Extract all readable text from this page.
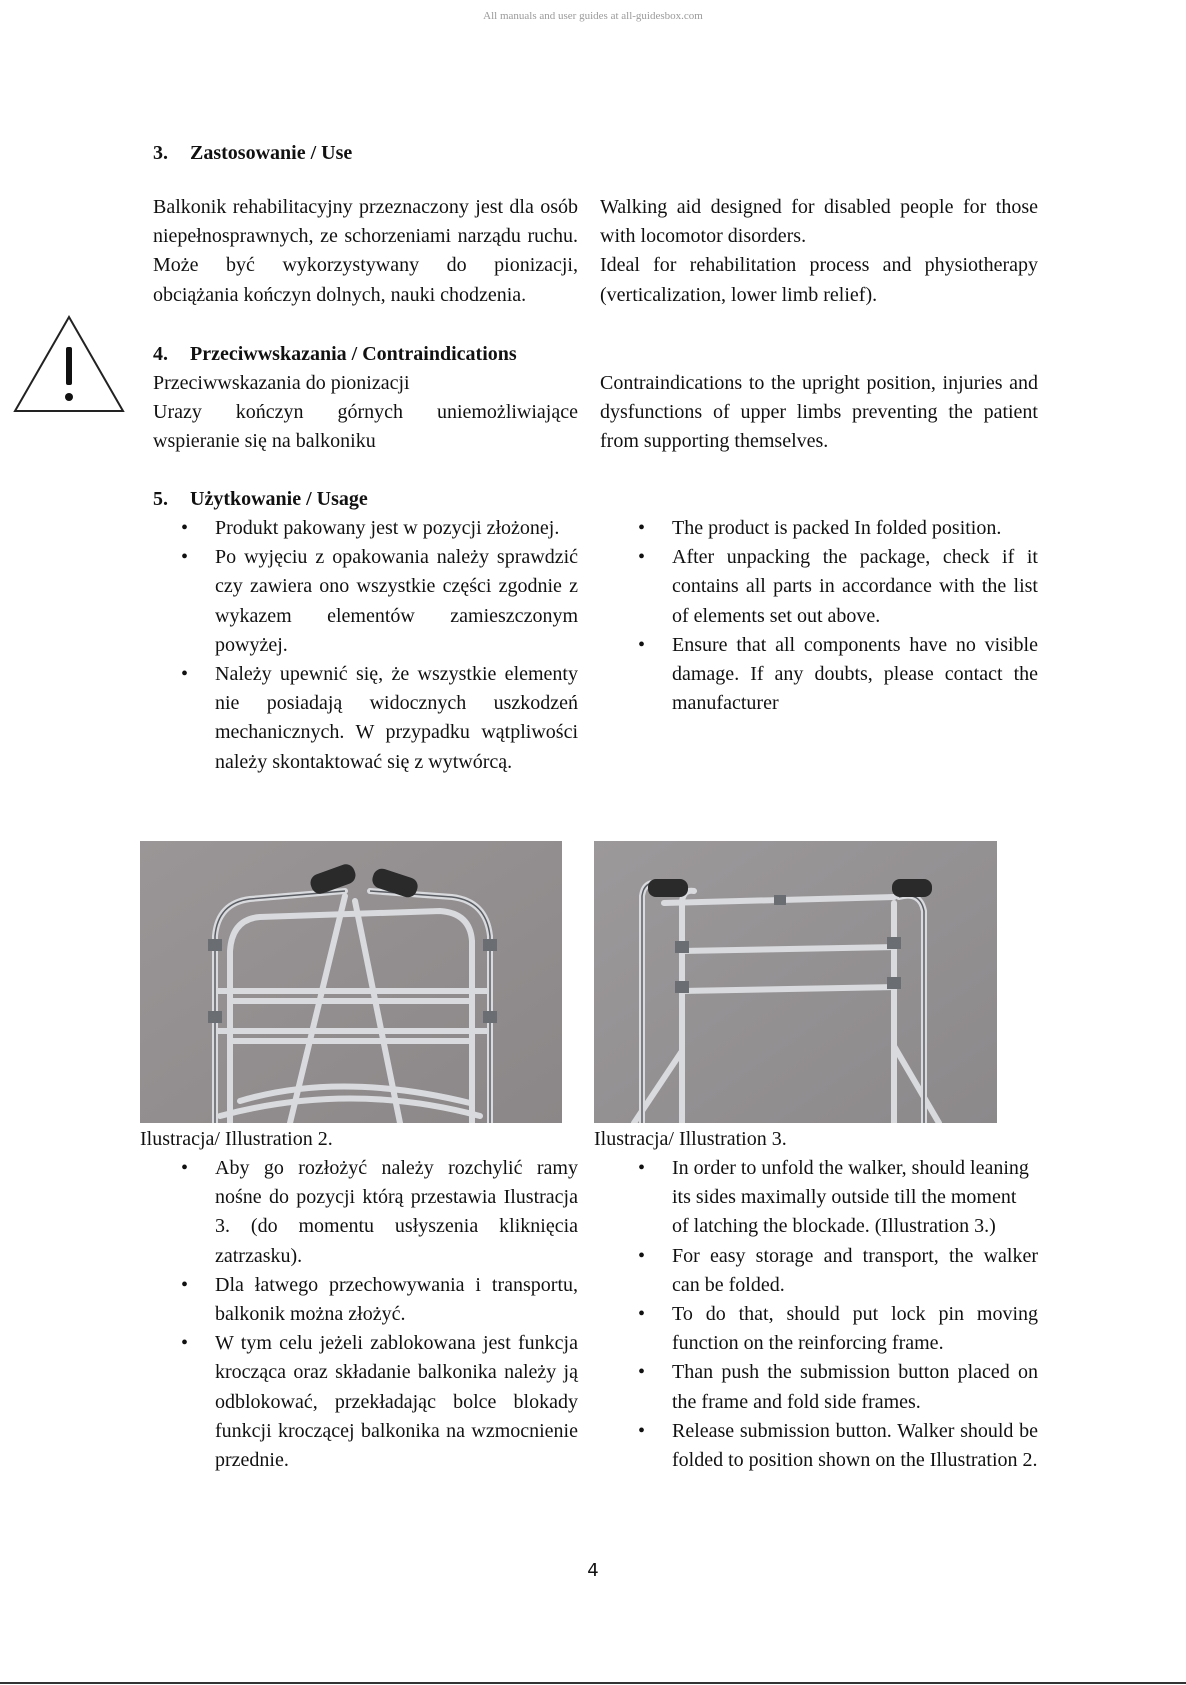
All manuals and user guides at all-guidesbox.com
3. Zastosowanie / Use

Balkonik rehabilitacyjny przeznaczony jest dla osób niepełnosprawnych, ze schorzeniami narządu ruchu. Może być wykorzystywany do pionizacji, obciążania kończyn dolnych, nauki chodzenia.

Walking aid designed for disabled people for those with locomotor disorders.

Ideal for rehabilitation process and physiotherapy (verticalization, lower limb relief).

4. Przeciwwskazania / Contraindications

Przeciwwskazania do pionizacji

Urazy kończyn górnych uniemożliwiające wspieranie się na balkoniku

Contraindications to the upright position, injuries and dysfunctions of upper limbs preventing the patient from supporting themselves.

5. Użytkowanie / Usage
• Produkt pakowany jest w pozycji złożonej.
• Po wyjęciu z opakowania należy sprawdzić czy zawiera ono wszystkie części zgodnie z wykazem elementów zamieszczonym powyżej.
• Należy upewnić się, że wszystkie elementy nie posiadają widocznych uszkodzeń mechanicznych. W przypadku wątpliwości należy skontaktować się z wytwórcą.
• The product is packed In folded position.
• After unpacking the package, check if it contains all parts in accordance with the list of elements set out above.
• Ensure that all components have no visible damage. If any doubts, please contact the manufacturer
Ilustracja/ Illustration 2.	Ilustracja/ Illustration 3.
• Aby go rozłożyć należy rozchylić ramy nośne do pozycji którą przestawia Ilustracja 3. (do momentu usłyszenia kliknięcia zatrzasku).
• Dla łatwego przechowywania i transportu, balkonik można złożyć.
• W tym celu jeżeli zablokowana jest funkcja krocząca oraz składanie balkonika należy ją odblokować, przekładając bolce blokady funkcji kroczącej balkonika na wzmocnienie przednie.
• In order to unfold the walker, should leaning its sides maximally outside till the moment of latching the blockade. (Illustration 3.)
• For easy storage and transport, the walker can be folded.
• To do that, should put lock pin moving function on the reinforcing frame.
• Than push the submission button placed on the frame and fold side frames.
• Release submission button. Walker should be folded to position shown on the Illustration 2.
4
